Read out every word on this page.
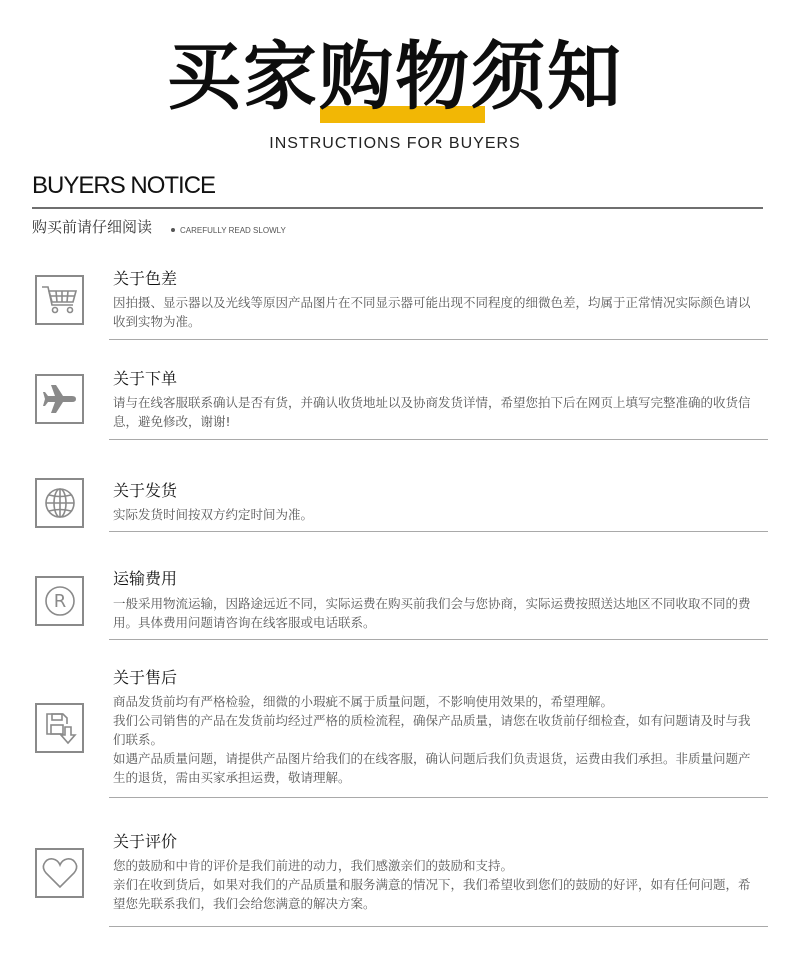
买家购物须知
INSTRUCTIONS FOR BUYERS
BUYERS NOTICE
购买前请仔细阅读	CAREFULLY READ SLOWLY
关于色差

因拍摄、显示器以及光线等原因产品图片在不同显示器可能出现不同程度的细微色差，均属于正常情况实际颜色请以收到实物为准。

关于下单

请与在线客服联系确认是否有货，并确认收货地址以及协商发货详情，希望您拍下后在网页上填写完整准确的收货信息，避免修改，谢谢!

关于发货

实际发货时间按双方约定时间为准。

R
运输费用

一般采用物流运输，因路途远近不同，实际运费在购买前我们会与您协商，实际运费按照送达地区不同收取不同的费用。具体费用问题请咨询在线客服或电话联系。

关于售后

商品发货前均有严格检验，细微的小瑕疵不属于质量问题，不影响使用效果的，希望理解。

我们公司销售的产品在发货前均经过严格的质检流程，确保产品质量，请您在收货前仔细检查，如有问题请及时与我们联系。

如遇产品质量问题，请提供产品图片给我们的在线客服，确认问题后我们负责退货，运费由我们承担。非质量问题产生的退货，需由买家承担运费，敬请理解。

关于评价

您的鼓励和中肯的评价是我们前进的动力，我们感激亲们的鼓励和支持。

亲们在收到货后，如果对我们的产品质量和服务满意的情况下，我们希望收到您们的鼓励的好评，如有任何问题，希望您先联系我们，我们会给您满意的解决方案。
